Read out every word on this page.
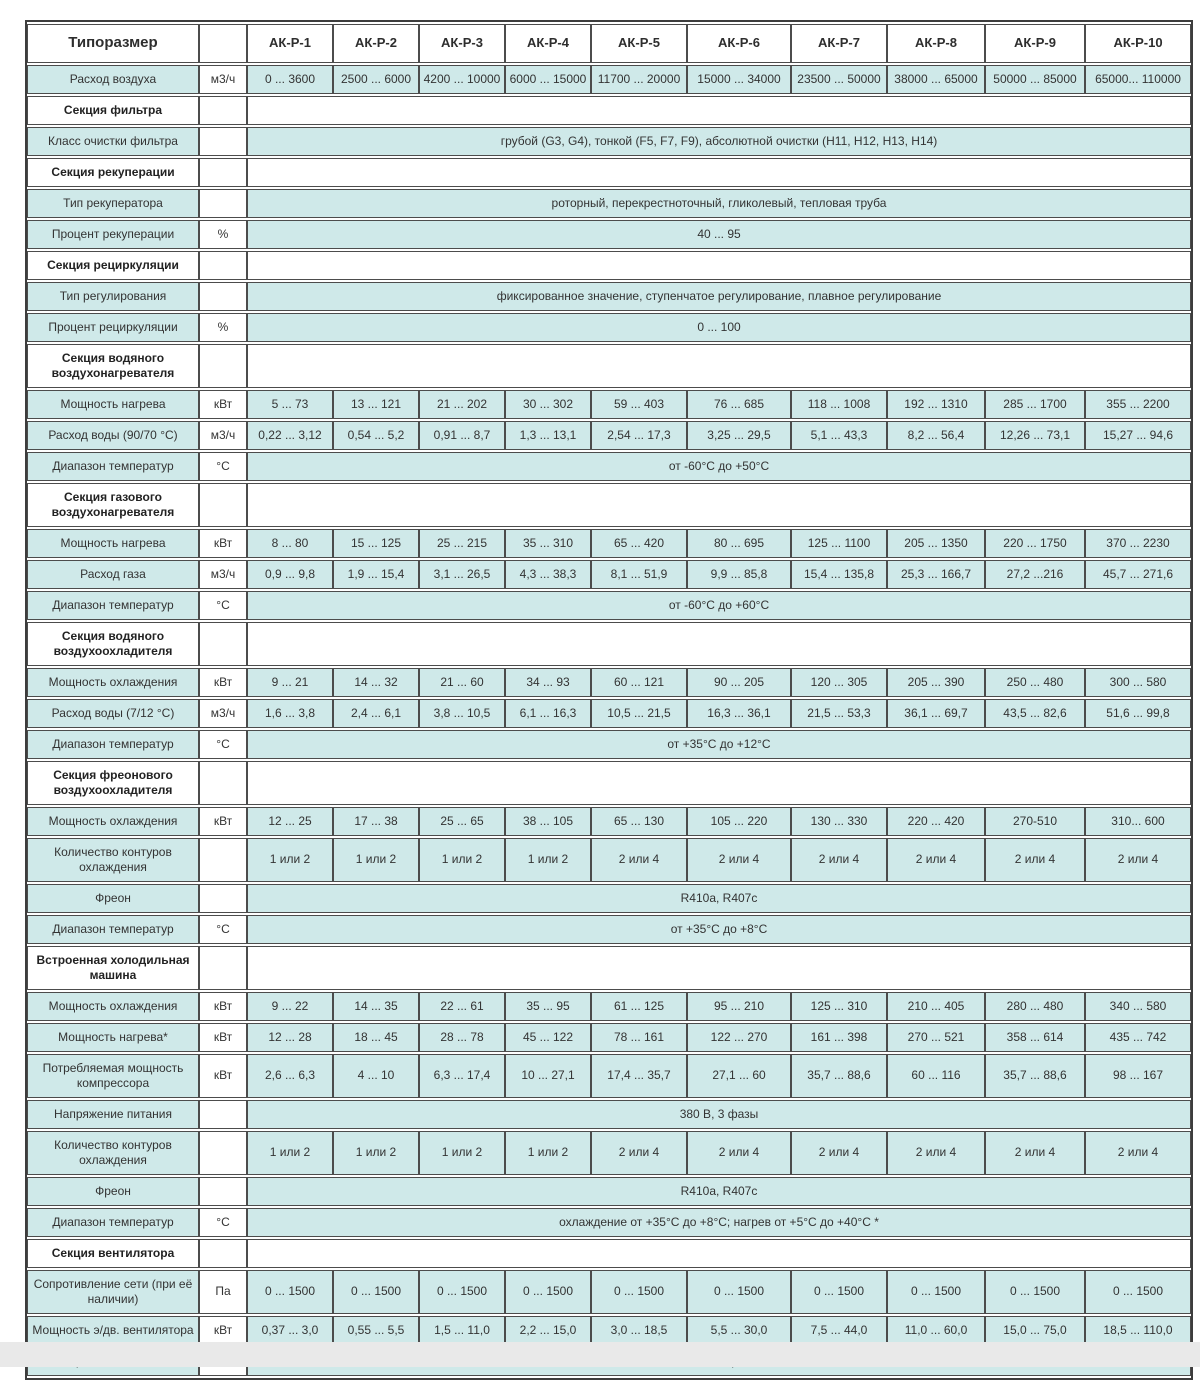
Типоразмер		АК-Р-1	АК-Р-2	АК-Р-3	АК-Р-4	АК-Р-5	АК-Р-6	АК-Р-7	АК-Р-8	АК-Р-9	АК-Р-10
Расход воздуха	м3/ч	0 ... 3600	2500 ... 6000	4200 ... 10000	6000 ... 15000	11700 ... 20000	15000 ... 34000	23500 ... 50000	38000 ... 65000	50000 ... 85000	65000... 110000
Секция фильтра											
Класс очистки фильтра		грубой (G3, G4), тонкой (F5, F7, F9), абсолютной очистки (H11, H12, H13, H14)									
Секция рекуперации											
Тип рекуператора		роторный, перекрестноточный, гликолевый, тепловая труба									
Процент рекуперации	%	40 ... 95									
Секция рециркуляции											
Тип регулирования		фиксированное значение, ступенчатое регулирование, плавное регулирование									
Процент рециркуляции	%	0 ... 100									
Секция водяного воздухонагревателя											
Мощность нагрева	кВт	5 ... 73	13 ... 121	21 ... 202	30 ... 302	59 ... 403	76 ... 685	118 ... 1008	192 ... 1310	285 ... 1700	355 ... 2200
Расход воды (90/70 °С)	м3/ч	0,22 ... 3,12	0,54 ... 5,2	0,91 ... 8,7	1,3 ... 13,1	2,54 ... 17,3	3,25 ... 29,5	5,1 ... 43,3	8,2 ... 56,4	12,26 ... 73,1	15,27 ... 94,6
Диапазон температур	°С	от -60°С до +50°С									
Секция газового воздухонагревателя											
Мощность нагрева	кВт	8 ... 80	15 ... 125	25 ... 215	35 ... 310	65 ... 420	80 ... 695	125 ... 1100	205 ... 1350	220 ... 1750	370 ... 2230
Расход газа	м3/ч	0,9 ... 9,8	1,9 ... 15,4	3,1 ... 26,5	4,3 ... 38,3	8,1 ... 51,9	9,9 ... 85,8	15,4 ... 135,8	25,3 ... 166,7	27,2 ...216	45,7 ... 271,6
Диапазон температур	°С	от -60°С до +60°С									
Секция водяного воздухоохладителя											
Мощность охлаждения	кВт	9 ... 21	14 ... 32	21 ... 60	34 ... 93	60 ... 121	90 ... 205	120 ... 305	205 ... 390	250 ... 480	300 ... 580
Расход воды (7/12 °С)	м3/ч	1,6 ... 3,8	2,4 ... 6,1	3,8 ... 10,5	6,1 ... 16,3	10,5 ... 21,5	16,3 ... 36,1	21,5 ... 53,3	36,1 ... 69,7	43,5 ... 82,6	51,6 ... 99,8
Диапазон температур	°С	от +35°С до +12°С									
Секция фреонового воздухоохладителя											
Мощность охлаждения	кВт	12 ... 25	17 ... 38	25 ... 65	38 ... 105	65 ... 130	105 ... 220	130 ... 330	220 ... 420	270-510	310... 600
Количество контуров охлаждения		1 или 2	1 или 2	1 или 2	1 или 2	2 или 4	2 или 4	2 или 4	2 или 4	2 или 4	2 или 4
Фреон		R410a, R407c									
Диапазон температур	°С	от +35°С до +8°С									
Встроенная холодильная машина											
Мощность охлаждения	кВт	9 ... 22	14 ... 35	22 ... 61	35 ... 95	61 ... 125	95 ... 210	125 ... 310	210 ... 405	280 ... 480	340 ... 580
Мощность нагрева*	кВт	12 ... 28	18 ... 45	28 ... 78	45 ... 122	78 ... 161	122 ... 270	161 ... 398	270 ... 521	358 ... 614	435 ... 742
Потребляемая мощность компрессора	кВт	2,6 ... 6,3	4 ... 10	6,3 ... 17,4	10 ... 27,1	17,4 ... 35,7	27,1 ... 60	35,7 ... 88,6	60 ... 116	35,7 ... 88,6	98 ... 167
Напряжение питания		380 В, 3 фазы									
Количество контуров охлаждения		1 или 2	1 или 2	1 или 2	1 или 2	2 или 4	2 или 4	2 или 4	2 или 4	2 или 4	2 или 4
Фреон		R410a, R407c									
Диапазон температур	°С	охлаждение от +35°С до +8°С; нагрев от +5°С до +40°С *									
Секция вентилятора											
Сопротивление сети (при её наличии)	Па	0 ... 1500	0 ... 1500	0 ... 1500	0 ... 1500	0 ... 1500	0 ... 1500	0 ... 1500	0 ... 1500	0 ... 1500	0 ... 1500
Мощность э/дв. вентилятора	кВт	0,37 ... 3,0	0,55 ... 5,5	1,5 ... 11,0	2,2 ... 15,0	3,0 ... 18,5	5,5 ... 30,0	7,5 ... 44,0	11,0 ... 60,0	15,0 ... 75,0	18,5 ... 110,0
